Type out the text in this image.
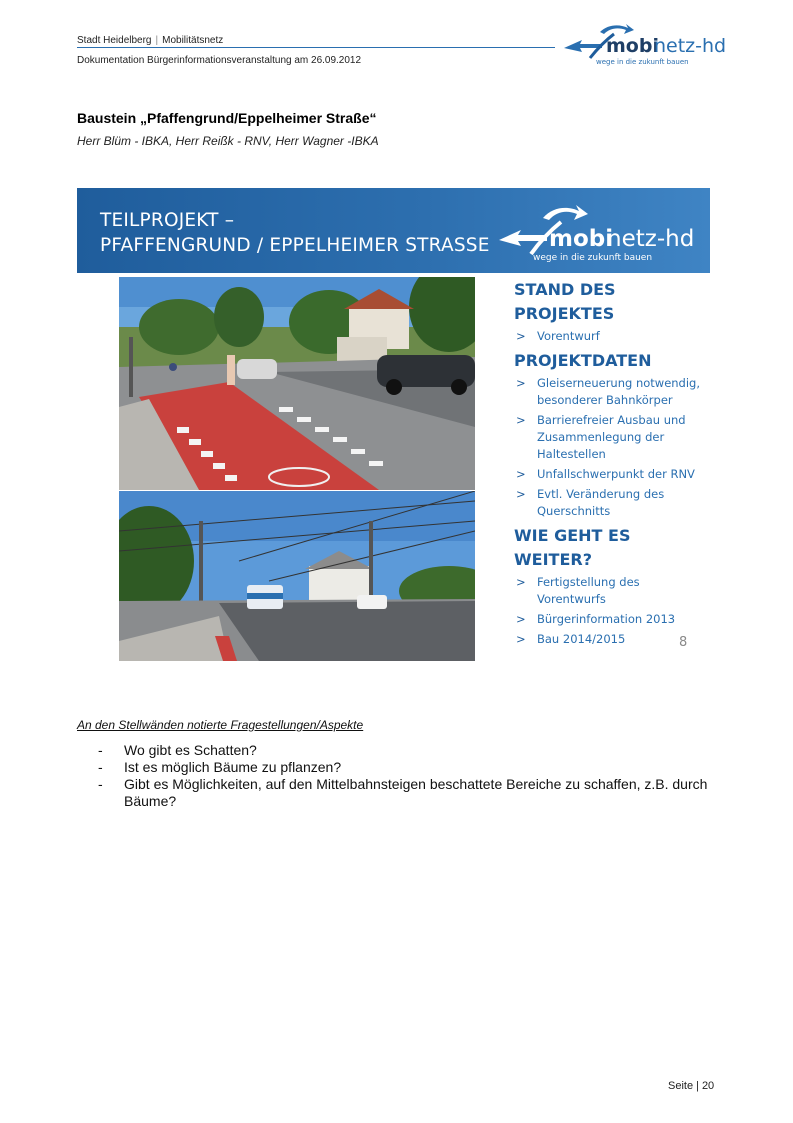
Stadt Heidelberg | Mobilitätsnetz
Dokumentation Bürgerinformationsveranstaltung am 26.09.2012
mobi
netz-hd
wege in die zukunft bauen
Baustein „Pfaffengrund/Eppelheimer Straße“
Herr Blüm - IBKA, Herr Reißk - RNV, Herr Wagner -IBKA
TEILPROJEKT –
PFAFFENGRUND / EPPELHEIMER STRASSE	mobi
netz-hd
wege in die zukunft bauen
STAND DES PROJEKTES
> Vorentwurf
PROJEKTDATEN
> Gleiserneuerung notwendig, besonderer Bahnkörper
> Barrierefreier Ausbau und Zusammenlegung der Haltestellen
> Unfallschwerpunkt der RNV
> Evtl. Veränderung des Querschnitts
WIE GEHT ES WEITER?
> Fertigstellung des Vorentwurfs
> Bürgerinformation 2013
> Bau 2014/2015	8
An den Stellwänden notierte Fragestellungen/Aspekte
- Wo gibt es Schatten?
- Ist es möglich Bäume zu pflanzen?
- Gibt es Möglichkeiten, auf den Mittelbahnsteigen beschattete Bereiche zu schaffen, z.B. durch Bäume?
Seite | 20
